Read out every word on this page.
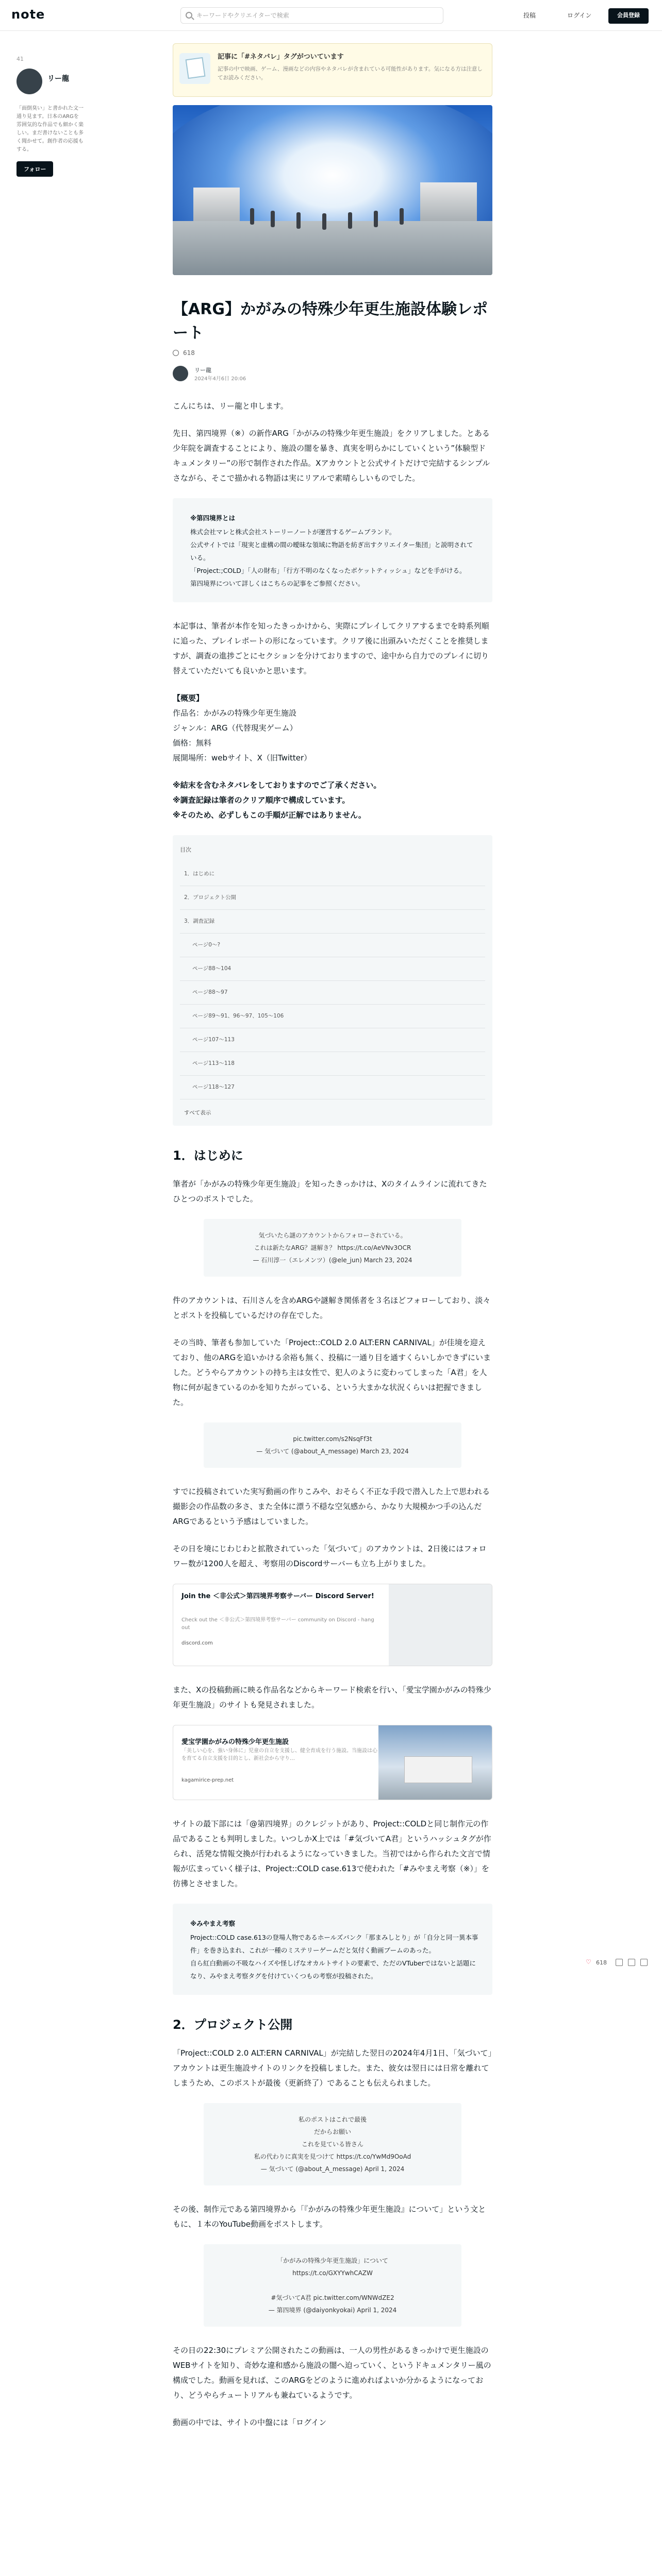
note	キーワードやクリエイターで検索	投稿	ログイン	会員登録
41
リー龍
「面倒臭い」と書かれた文一通り見ます。日本のARGを雰囲気的な作品でも細かく楽しい。まだ書けないことも多く聞かせて。創作者の応援もする。
フォロー
記事に「#ネタバレ」タグがついています
記事の中で映画、ゲーム、漫画などの内容やネタバレが含まれている可能性があります。気になる方は注意してお読みください。
【ARG】かがみの特殊少年更生施設体験レポート
618
リー龍
2024年4月6日 20:06

こんにちは、リー龍と申します。

先日、第四境界（※）の新作ARG「かがみの特殊少年更生施設」をクリアしました。とある少年院を調査することにより、施設の闇を暴き、真実を明らかにしていくという”体験型ドキュメンタリー”の形で制作された作品。Xアカウントと公式サイトだけで完結するシンプルさながら、そこで描かれる物語は実にリアルで素晴らしいものでした。

※第四境界とは
株式会社マレと株式会社ストーリーノートが運営するゲームブランド。
公式サイトでは「現実と虚構の間の曖昧な領域に物語を紡ぎ出すクリエイター集団」と説明されている。
「Project:;COLD」「人の財布」「行方不明のなくなったボケットティッシュ」などを手がける。
第四境界について詳しくはこちらの記事をご参照ください。

本記事は、筆者が本作を知ったきっかけから、実際にプレイしてクリアするまでを時系列順に追った、プレイレポートの形になっています。クリア後に出頭みいただくことを推奨しますが、調査の進捗ごとにセクションを分けておりますので、途中から自力でのプレイに切り替えていただいても良いかと思います。

【概要】
作品名：かがみの特殊少年更生施設
ジャンル：ARG（代替現実ゲーム）
価格：無料
展開場所：webサイト、X（旧Twitter）

※結末を含むネタバレをしておりますのでご了承ください。
※調査記録は筆者のクリア順序で構成しています。
※そのため、必ずしもこの手順が正解ではありません。

目次
1．はじめに
2．プロジェクト公開
3．調査記録
ページ0〜?
ページ88〜104
ページ88〜97
ページ89〜91、96〜97、105〜106
ページ107〜113
ページ113〜118
ページ118〜127
すべて表示
1．はじめに

筆者が「かがみの特殊少年更生施設」を知ったきっかけは、Xのタイムラインに流れてきたひとつのポストでした。

気づいたら謎のアカウントからフォローされている。
これは新たなARG？謎解き？ https://t.co/AeVNv3OCR
— 石川淳一（エレメンツ）(@ele_jun) March 23, 2024

件のアカウントは、石川さんを含めARGや謎解き関係者を３名ほどフォローしており、淡々とポストを投稿しているだけの存在でした。

その当時、筆者も参加していた「Project::COLD 2.0 ALT:ERN CARNIVAL」が佳境を迎えており、他のARGを追いかける余裕も無く、投稿に一通り目を通すくらいしかできずにいました。どうやらアカウントの持ち主は女性で、犯人のように変わってしまった「A君」を人物に何が起きているのかを知りたがっている、という大まかな状況くらいは把握できました。

pic.twitter.com/s2NsqFf3t
— 気づいて (@about_A_message) March 23, 2024

すでに投稿されていた実写動画の作りこみや、おそらく不正な手段で潜入した上で思われる撮影会の作品数の多さ、また全体に漂う不穏な空気感から、かなり大規模かつ手の込んだARGであるという予感はしていました。

その日を境にじわじわと拡散されていった「気づいて」のアカウントは、2日後にはフォロワー数が1200人を超え、考察用のDiscordサーバーも立ち上がりました。

Join the ＜非公式＞第四境界考察サーバー Discord Server!
Check out the ＜非公式＞第四境界考察サーバー community on Discord - hang out
discord.com

また、Xの投稿動画に映る作品名などからキーワード検索を行い、「愛宝学園かがみの特殊少年更生施設」のサイトも発見されました。

愛宝学園かがみの特殊少年更生施設
「美しい心を、強い身体に」児童の自立を支援し、健全育成を行う施設。当施設は心を育てる自立支援を目的とし、新社会から守り…
kagamirice-prep.net

サイトの最下部には「@第四境界」のクレジットがあり、Project::COLDと同じ制作元の作品であることも判明しました。いつしかX上では「#気づいてA君」というハッシュタグが作られ、活発な情報交換が行われるようになっていきました。当初ではから作られた文言で情報が広まっていく様子は、Project::COLD case.613で使われた「#みやまえ考察（※）」を彷彿とさせました。

※みやまえ考察
Project::COLD case.613の登場人物であるホールズバンク「那まみしとり」が「自分と同一異本事件」を巻き込まれ、これが一種のミステリーゲームだと気付く動画ブームのあった。
自ら紅白動画の不吸なハイズや怪しげなオカルトサイトの要素で、ただのVTuberではないと話題になり、みやまえ考察タグを付けていくつもの考察が投稿された。
2．プロジェクト公開

「Project::COLD 2.0 ALT:ERN CARNIVAL」が完結した翌日の2024年4月1日、「気づいて」アカウントは更生施設サイトのリンクを投稿しました。また、彼女は翌日には日常を離れてしまうため、このポストが最後（更新終了）であることも伝えられました。

私のポストはこれで最後
だからお願い
これを見ている皆さん
私の代わりに真実を見つけて https://t.co/YwMd9OoAd
— 気づいて (@about_A_message) April 1, 2024

その後、制作元である第四境界から「『かがみの特殊少年更生施設』について」という文ともに、１本のYouTube動画をポストします。

「かがみの特殊少年更生施設」について
https://t.co/GXYYwhCAZW

#気づいてA君 pic.twitter.com/WNWdZE2
— 第四境界 (@daiyonkyokai) April 1, 2024

その日の22:30にプレミア公開されたこの動画は、一人の男性があるきっかけで更生施設のWEBサイトを知り、奇妙な違和感から施設の闇へ迫っていく、というドキュメンタリー風の構成でした。動画を見れば、このARGをどのように進めればよいか分かるようになっており、どうやらチュートリアルも兼ねているようです。

動画の中では、サイトの中盤には「ログイン

♡ 618
